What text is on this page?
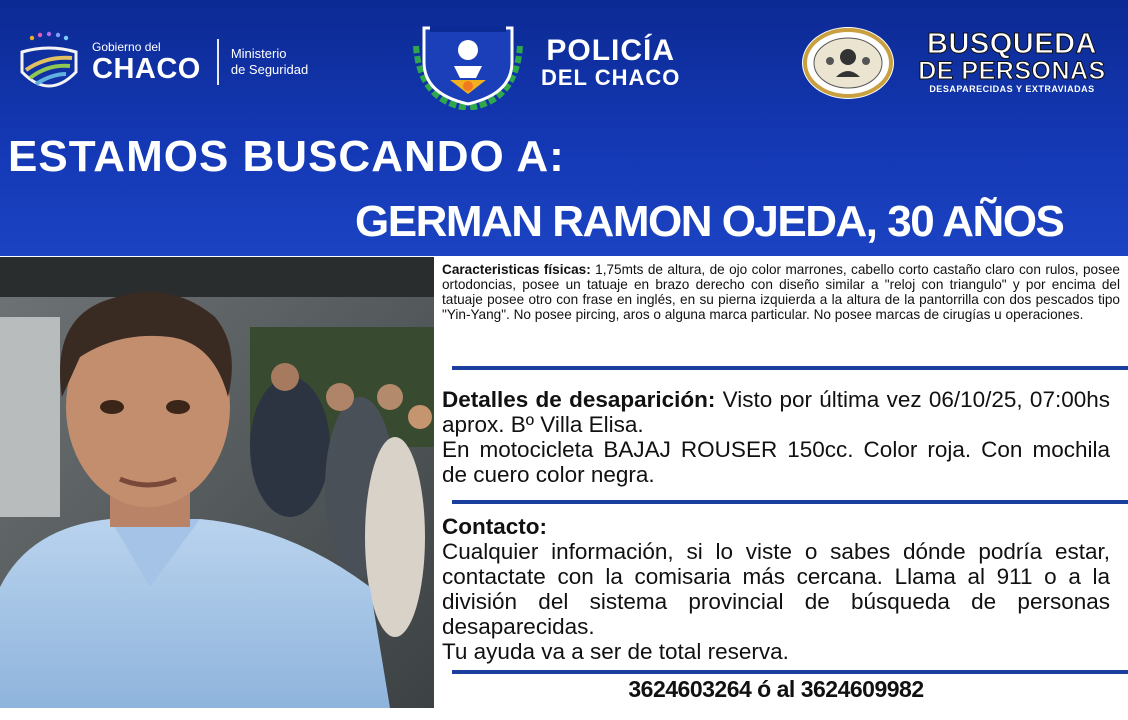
Gobierno del
CHACO Ministerio
de Seguridad
POLICÍA
DEL CHACO
BUSQUEDA
DE PERSONAS
DESAPARECIDAS Y EXTRAVIADAS
ESTAMOS BUSCANDO A:
GERMAN RAMON OJEDA, 30 AÑOS
Caracteristicas físicas: 1,75mts de altura, de ojo color marrones, cabello corto castaño claro con rulos, posee ortodoncias, posee un tatuaje en brazo derecho con diseño similar a "reloj con triangulo" y por encima del tatuaje posee otro con frase en inglés, en su pierna izquierda a la altura de la pantorrilla con dos pescados tipo "Yin-Yang". No posee pircing, aros o alguna marca particular. No posee marcas de cirugías u operaciones.
Detalles de desaparición: Visto por última vez 06/10/25, 07:00hs aprox. Bº Villa Elisa.
En motocicleta BAJAJ ROUSER 150cc. Color roja. Con mochila de cuero color negra.
Contacto:
Cualquier información, si lo viste o sabes dónde podría estar, contactate con la comisaria más cercana. Llama al 911 o a la división del sistema provincial de búsqueda de personas desaparecidas.
Tu ayuda va a ser de total reserva.
3624603264 ó al 3624609982
